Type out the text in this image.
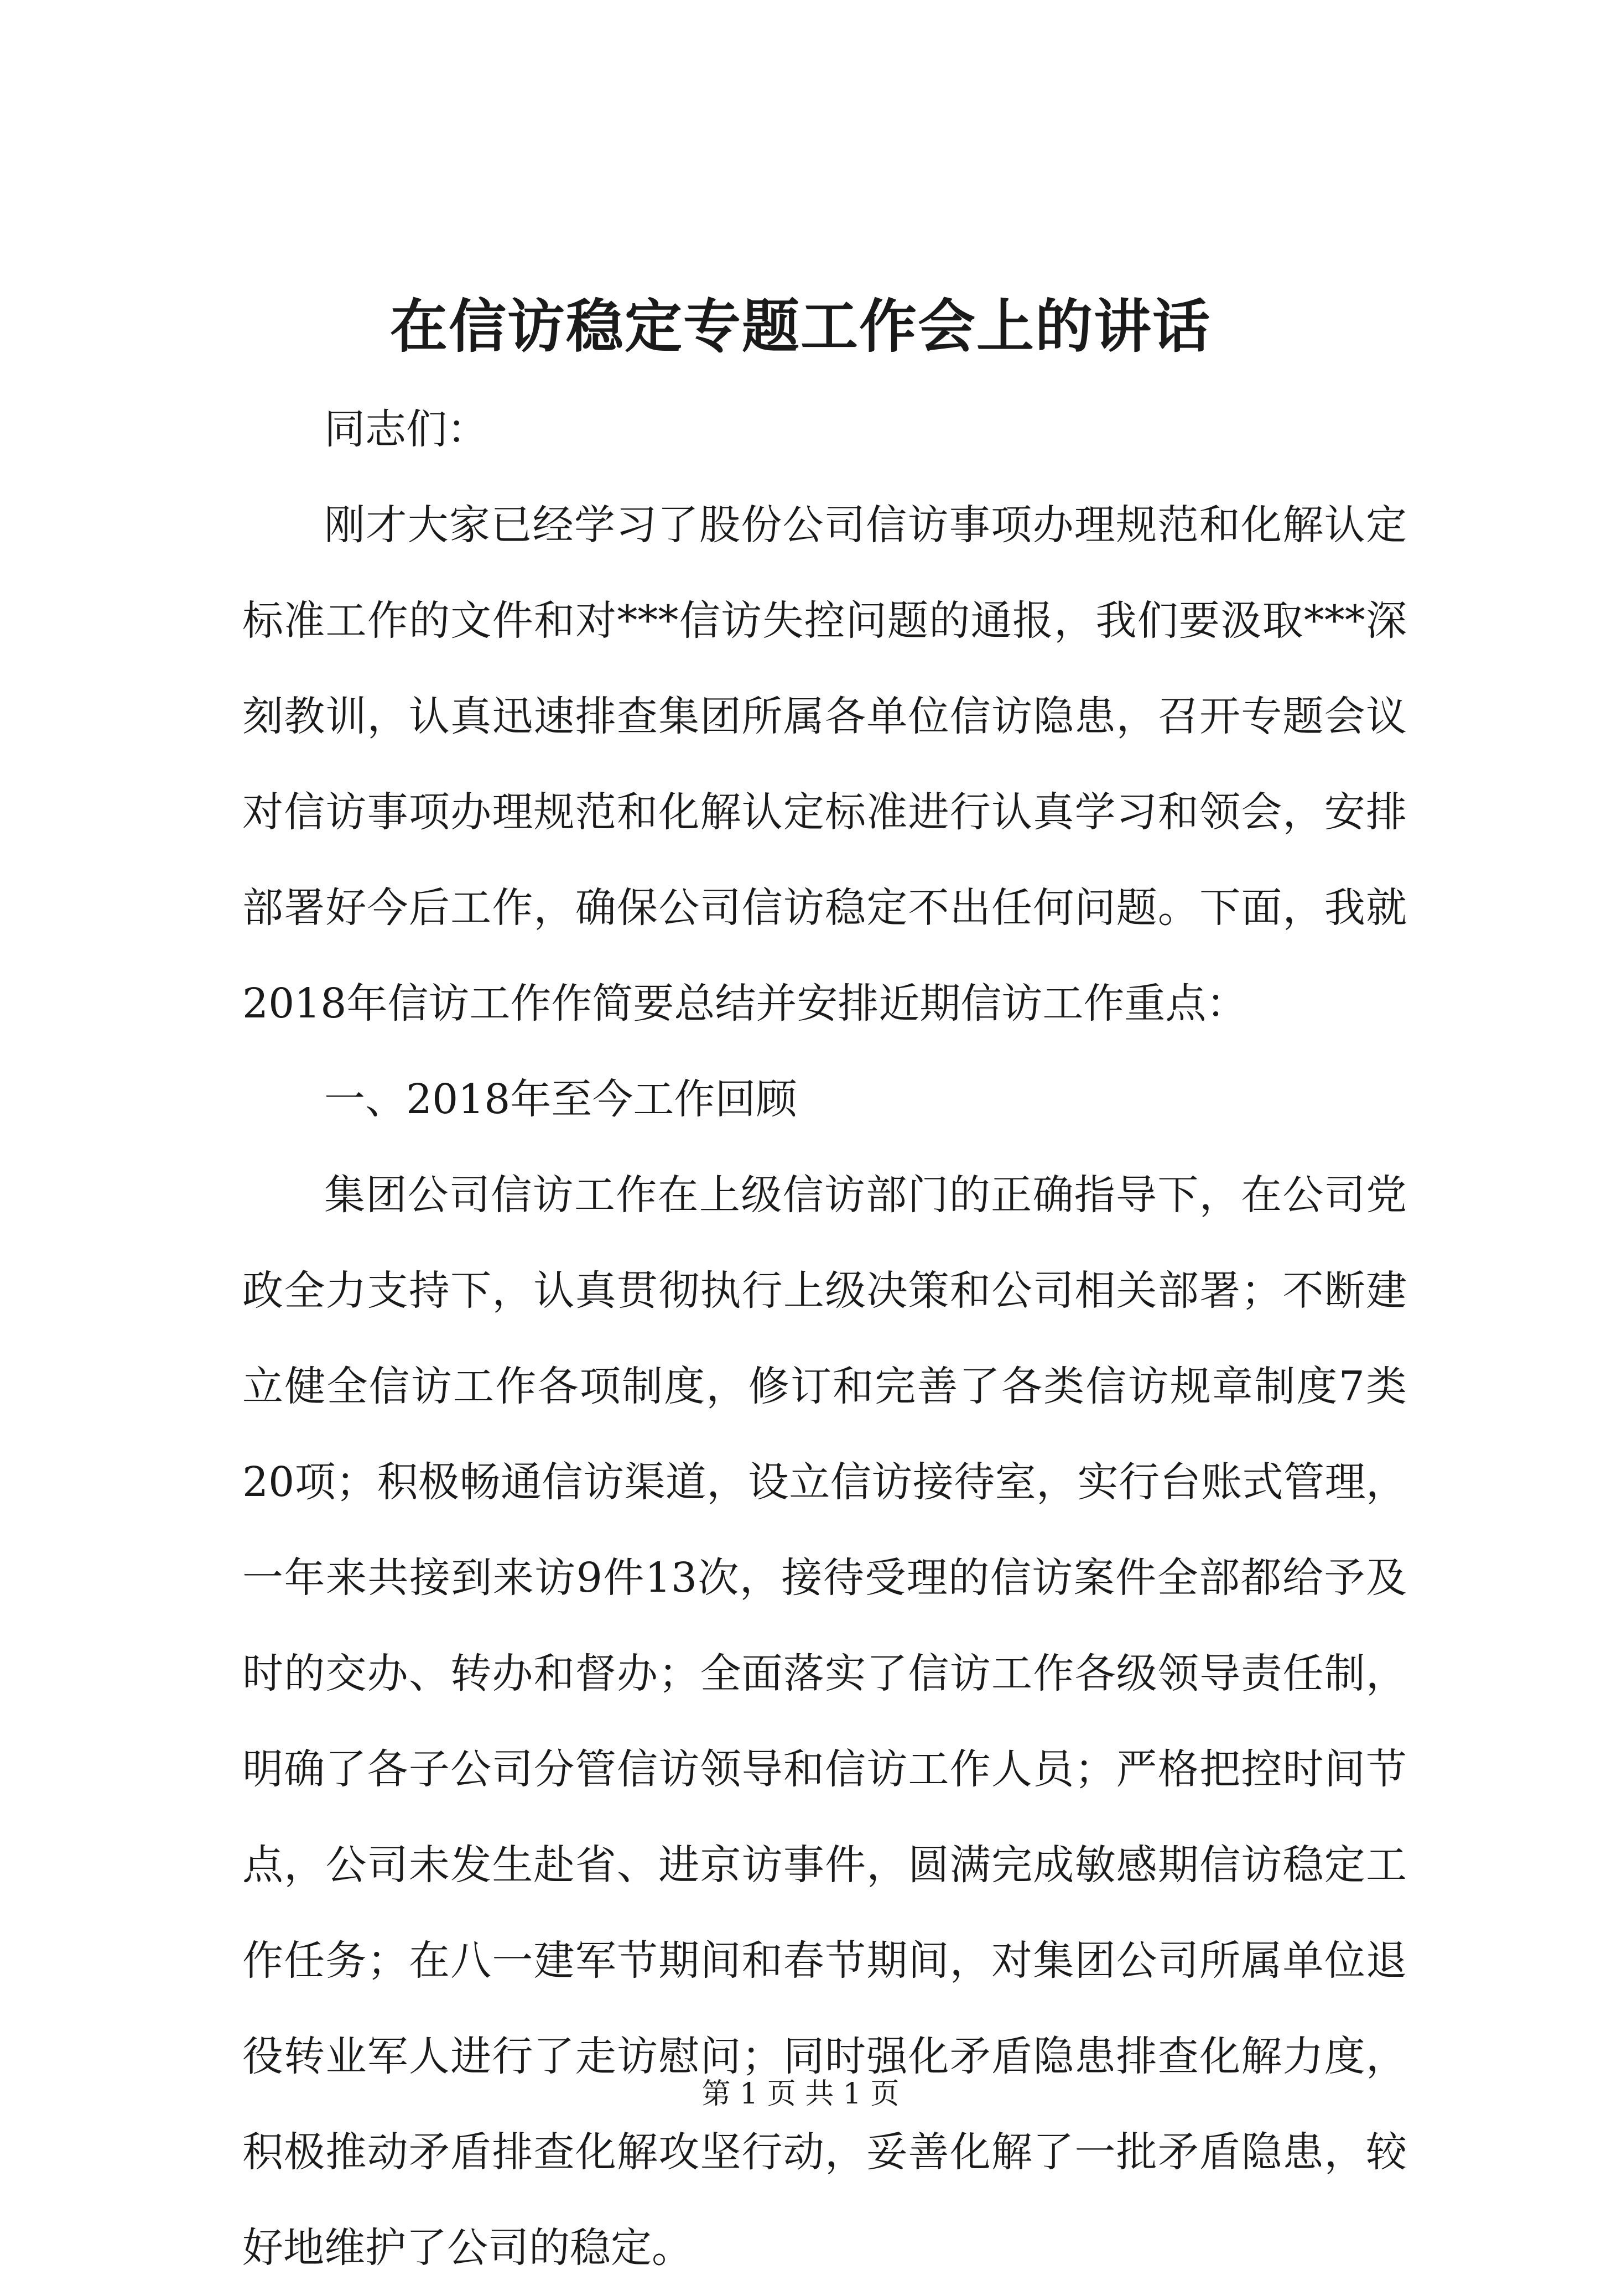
在信访稳定专题工作会上的讲话

同志们：

刚才大家已经学习了股份公司信访事项办理规范和化解认定标准工作的文件和对***信访失控问题的通报，我们要汲取***深刻教训，认真迅速排查集团所属各单位信访隐患，召开专题会议对信访事项办理规范和化解认定标准进行认真学习和领会，安排部署好今后工作，确保公司信访稳定不出任何问题。下面，我就2018年信访工作作简要总结并安排近期信访工作重点：

一、2018年至今工作回顾

集团公司信访工作在上级信访部门的正确指导下，在公司党政全力支持下，认真贯彻执行上级决策和公司相关部署；不断建立健全信访工作各项制度，修订和完善了各类信访规章制度7类20项；积极畅通信访渠道，设立信访接待室，实行台账式管理，一年来共接到来访9件13次，接待受理的信访案件全部都给予及时的交办、转办和督办；全面落实了信访工作各级领导责任制，明确了各子公司分管信访领导和信访工作人员；严格把控时间节点，公司未发生赴省、进京访事件，圆满完成敏感期信访稳定工作任务；在八一建军节期间和春节期间，对集团公司所属单位退役转业军人进行了走访慰问；同时强化矛盾隐患排查化解力度，积极推动矛盾排查化解攻坚行动，妥善化解了一批矛盾隐患，较好地维护了公司的稳定。

第 1 页 共 1 页
